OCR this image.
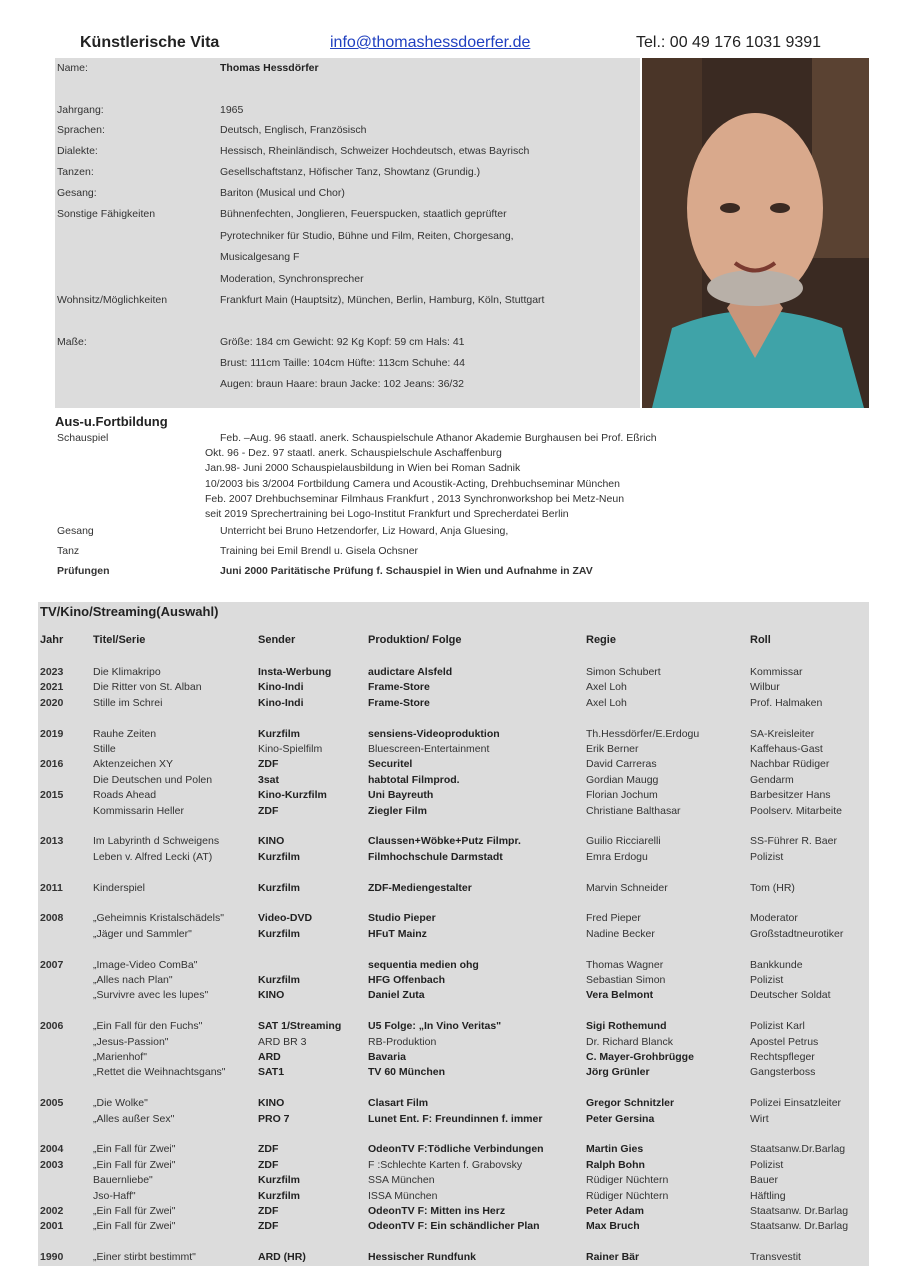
Künstlerische Vita	info@thomashessdoerfer.de	Tel.: 00 49 176 1031 9391
Name:	Thomas Hessdörfer
Jahrgang:	1965
Sprachen:	Deutsch, Englisch, Französisch
Dialekte:	Hessisch, Rheinländisch, Schweizer Hochdeutsch, etwas Bayrisch
Tanzen:	Gesellschaftstanz, Höfischer Tanz, Showtanz (Grundig.)
Gesang:	Bariton (Musical und Chor)
Sonstige Fähigkeiten	Bühnenfechten, Jonglieren, Feuerspucken, staatlich geprüfter
Pyrotechniker für Studio, Bühne und Film, Reiten, Chorgesang,
Musicalgesang F
Moderation, Synchronsprecher
Wohnsitz/Möglichkeiten	Frankfurt Main (Hauptsitz), München, Berlin, Hamburg, Köln, Stuttgart
Maße:	Größe: 184 cm Gewicht: 92 Kg Kopf: 59 cm Hals: 41
Brust: 111cm Taille: 104cm Hüfte: 113cm Schuhe: 44
Augen: braun Haare: braun Jacke: 102 Jeans: 36/32
Aus-u.Fortbildung
Schauspiel	Feb. –Aug. 96 staatl. anerk. Schauspielschule Athanor Akademie Burghausen bei Prof. Eßrich
Okt. 96 - Dez. 97 staatl. anerk. Schauspielschule Aschaffenburg
Jan.98- Juni 2000 Schauspielausbildung in Wien bei Roman Sadnik
10/2003 bis 3/2004 Fortbildung Camera und Acoustik-Acting, Drehbuchseminar München
Feb. 2007 Drehbuchseminar Filmhaus Frankfurt , 2013 Synchronworkshop bei Metz-Neun
seit 2019 Sprechertraining bei Logo-Institut Frankfurt und Sprecherdatei Berlin
Gesang	Unterricht bei Bruno Hetzendorfer, Liz Howard, Anja Gluesing,
Tanz	Training bei Emil Brendl u. Gisela Ochsner
Prüfungen	Juni 2000 Paritätische Prüfung f. Schauspiel in Wien und Aufnahme in ZAV
TV/Kino/Streaming(Auswahl)
Jahr	Titel/Serie	Sender	Produktion/ Folge	Regie	Roll
2023	Die Klimakripo	Insta-Werbung	audictare Alsfeld	Simon Schubert	Kommissar
2021	Die Ritter von St. Alban	Kino-Indi	Frame-Store	Axel Loh	Wilbur
2020	Stille im Schrei	Kino-Indi	Frame-Store	Axel Loh	Prof. Halmaken
2019	Rauhe Zeiten	Kurzfilm	sensiens-Videoproduktion	Th.Hessdörfer/E.Erdogu	SA-Kreisleiter
Stille	Kino-Spielfilm	Bluescreen-Entertainment	Erik Berner	Kaffehaus-Gast
2016	Aktenzeichen XY	ZDF	Securitel	David Carreras	Nachbar Rüdiger
Die Deutschen und Polen	3sat	habtotal Filmprod.	Gordian Maugg	Gendarm
2015	Roads Ahead	Kino-Kurzfilm	Uni Bayreuth	Florian Jochum	Barbesitzer Hans
Kommissarin Heller	ZDF	Ziegler Film	Christiane Balthasar	Poolserv. Mitarbeite
2013	Im Labyrinth d Schweigens	KINO	Claussen+Wöbke+Putz Filmpr.	Guilio Ricciarelli	SS-Führer R. Baer
Leben v. Alfred Lecki (AT)	Kurzfilm	Filmhochschule Darmstadt	Emra Erdogu	Polizist
2011	Kinderspiel	Kurzfilm	ZDF-Mediengestalter	Marvin Schneider	Tom (HR)
2008	„Geheimnis Kristalschädels"	Video-DVD	Studio Pieper	Fred Pieper	Moderator
„Jäger und Sammler"	Kurzfilm	HFuT Mainz	Nadine Becker	Großstadtneurotiker
2007	„Image-Video ComBa"	sequentia medien ohg	Thomas Wagner	Bankkunde
„Alles nach Plan"	Kurzfilm	HFG Offenbach	Sebastian Simon	Polizist
„Survivre avec les lupes"	KINO	Daniel Zuta	Vera Belmont	Deutscher Soldat
2006	„Ein Fall für den Fuchs"	SAT 1/Streaming	U5 Folge: „In Vino Veritas"	Sigi Rothemund	Polizist Karl
„Jesus-Passion"	ARD BR 3	RB-Produktion	Dr. Richard Blanck	Apostel Petrus
„Marienhof"	ARD	Bavaria	C. Mayer-Grohbrügge	Rechtspfleger
„Rettet die Weihnachtsgans"	SAT1	TV 60 München	Jörg Grünler	Gangsterboss
2005	„Die Wolke"	KINO	Clasart Film	Gregor Schnitzler	Polizei Einsatzleiter
„Alles außer Sex"	PRO 7	Lunet Ent. F: Freundinnen f. immer	Peter Gersina	Wirt
2004	„Ein Fall für Zwei"	ZDF	OdeonTV F:Tödliche Verbindungen	Martin Gies	Staatsanw.Dr.Barlag
2003	„Ein Fall für Zwei"	ZDF	F :Schlechte Karten f. Grabovsky	Ralph Bohn	Polizist
Bauernliebe"	Kurzfilm	SSA München	Rüdiger Nüchtern	Bauer
Jso-Haff"	Kurzfilm	ISSA München	Rüdiger Nüchtern	Häftling
2002	„Ein Fall für Zwei"	ZDF	OdeonTV F: Mitten ins Herz	Peter Adam	Staatsanw. Dr.Barlag
2001	„Ein Fall für Zwei"	ZDF	OdeonTV F: Ein schändlicher Plan	Max Bruch	Staatsanw. Dr.Barlag
1990	„Einer stirbt bestimmt"	ARD (HR)	Hessischer Rundfunk	Rainer Bär	Transvestit
